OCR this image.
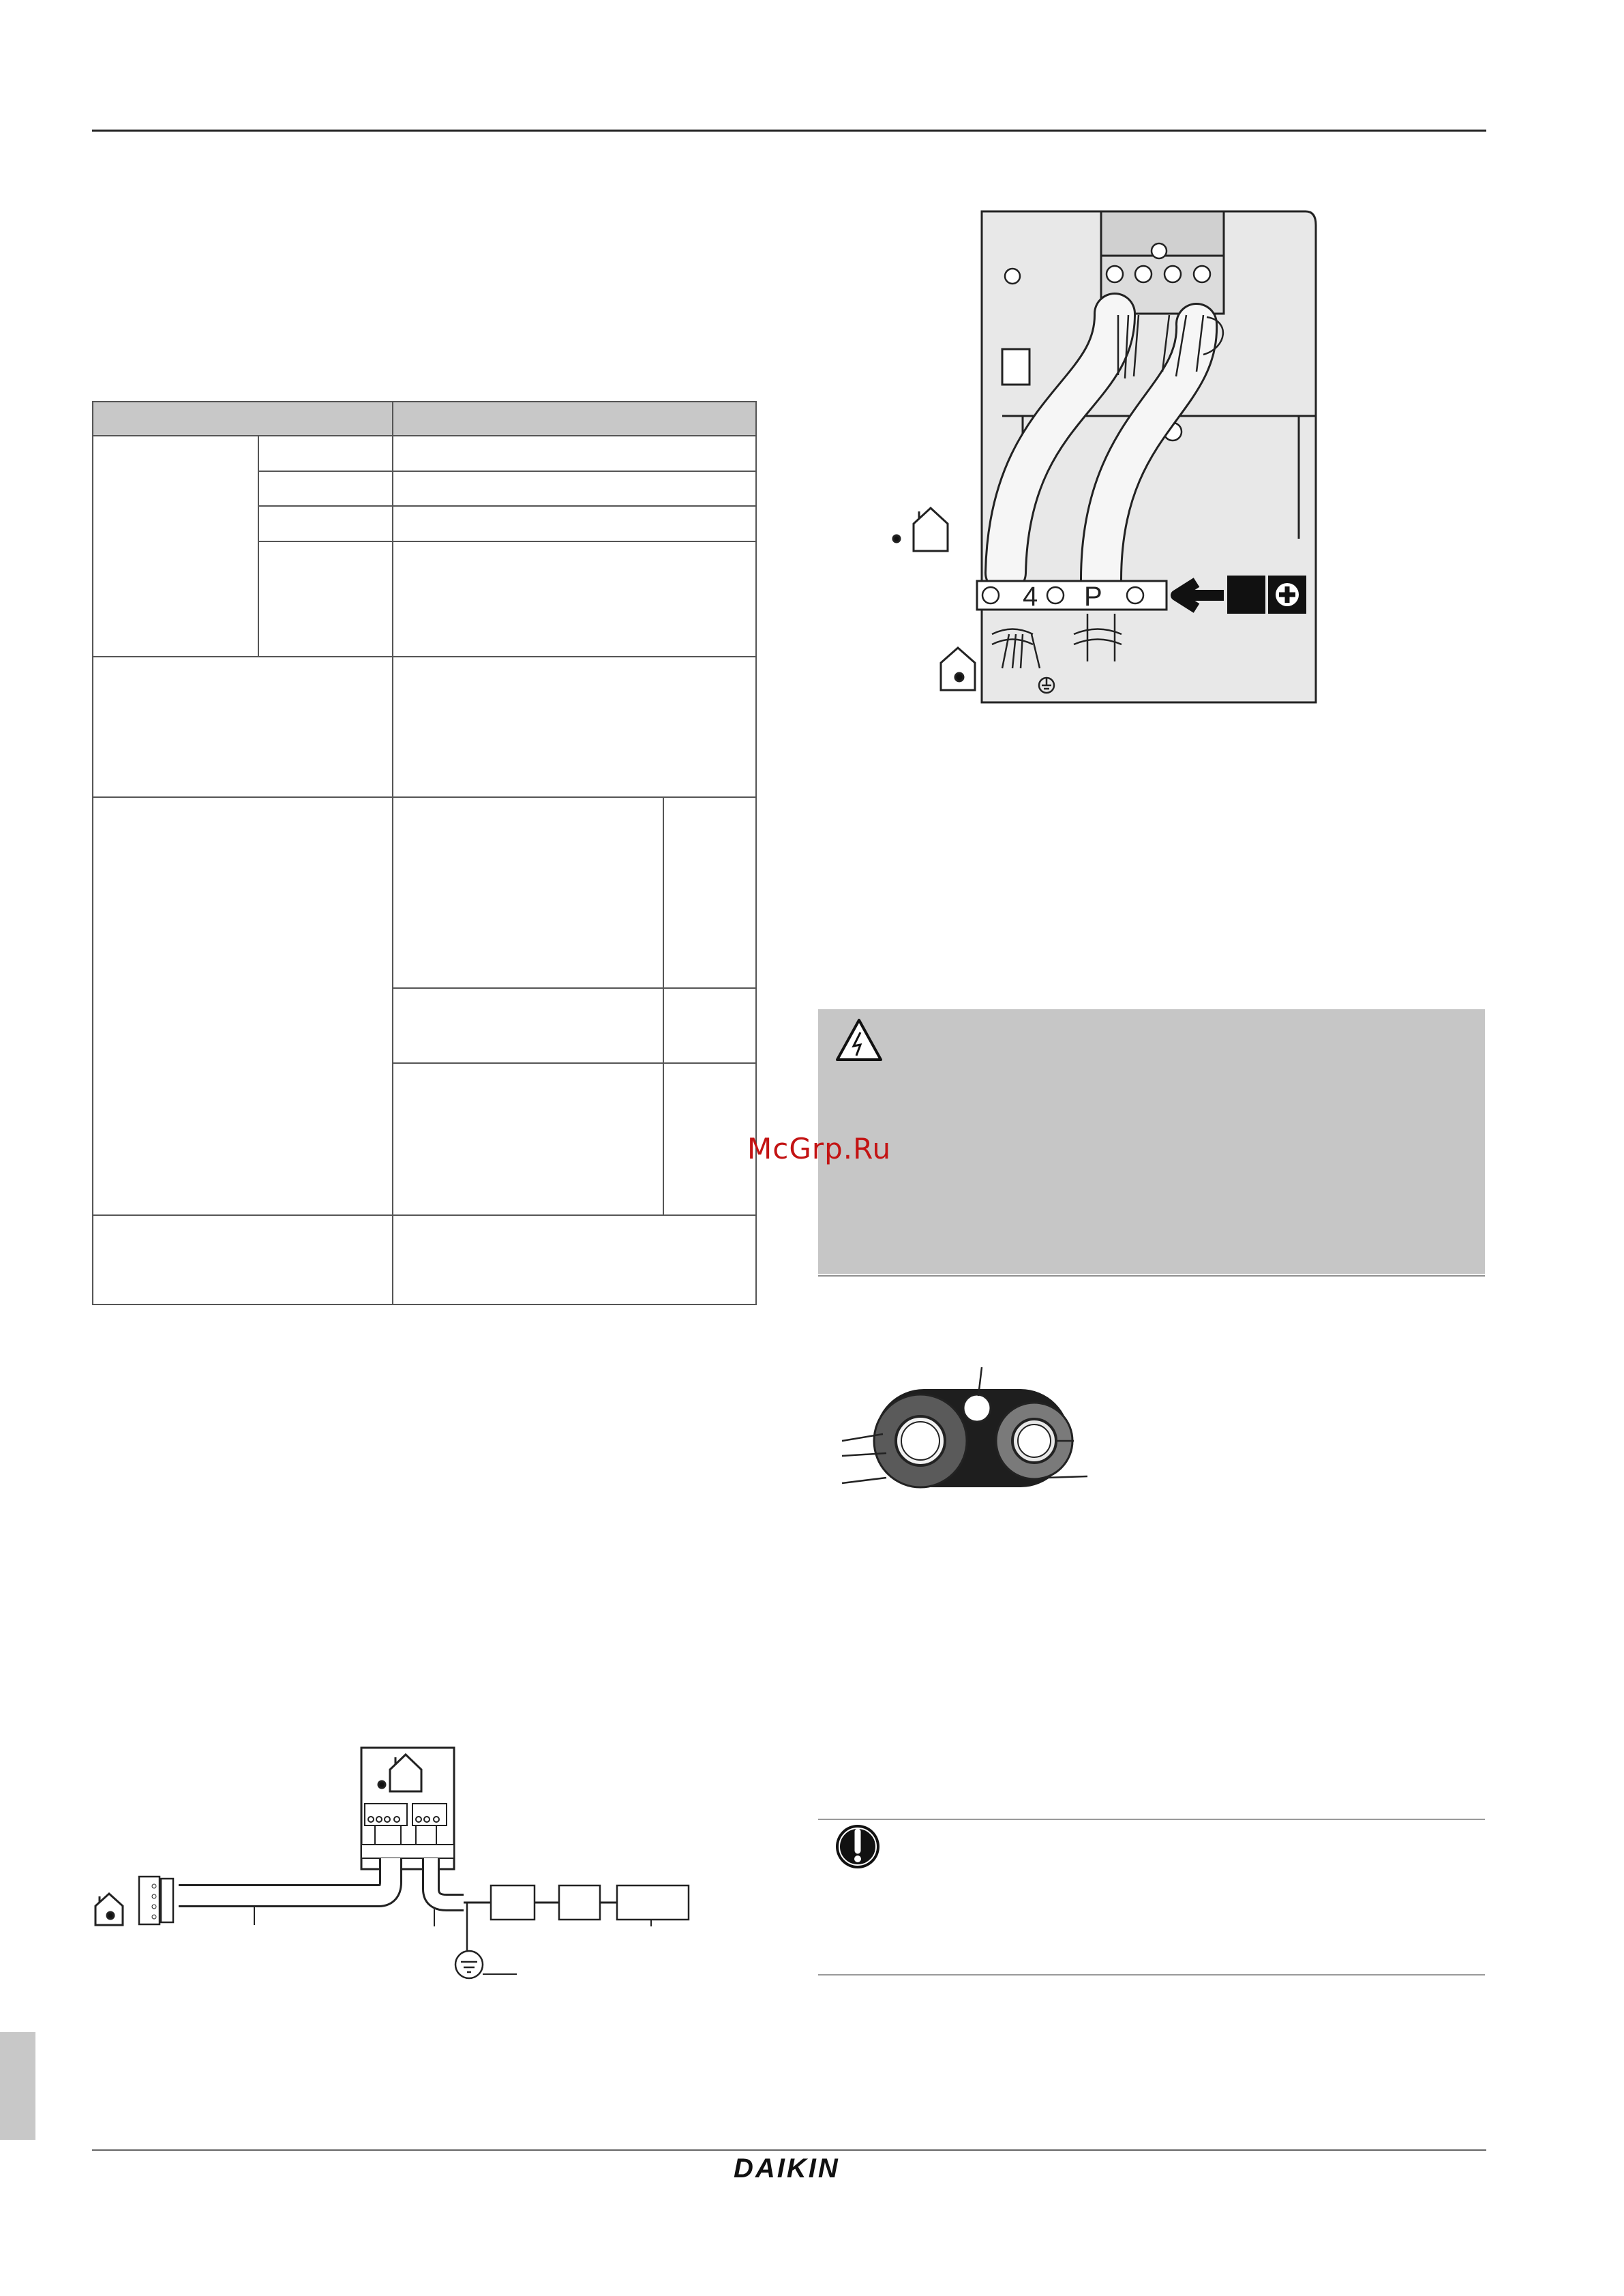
4 P
McGrp.Ru
DAIKIN
